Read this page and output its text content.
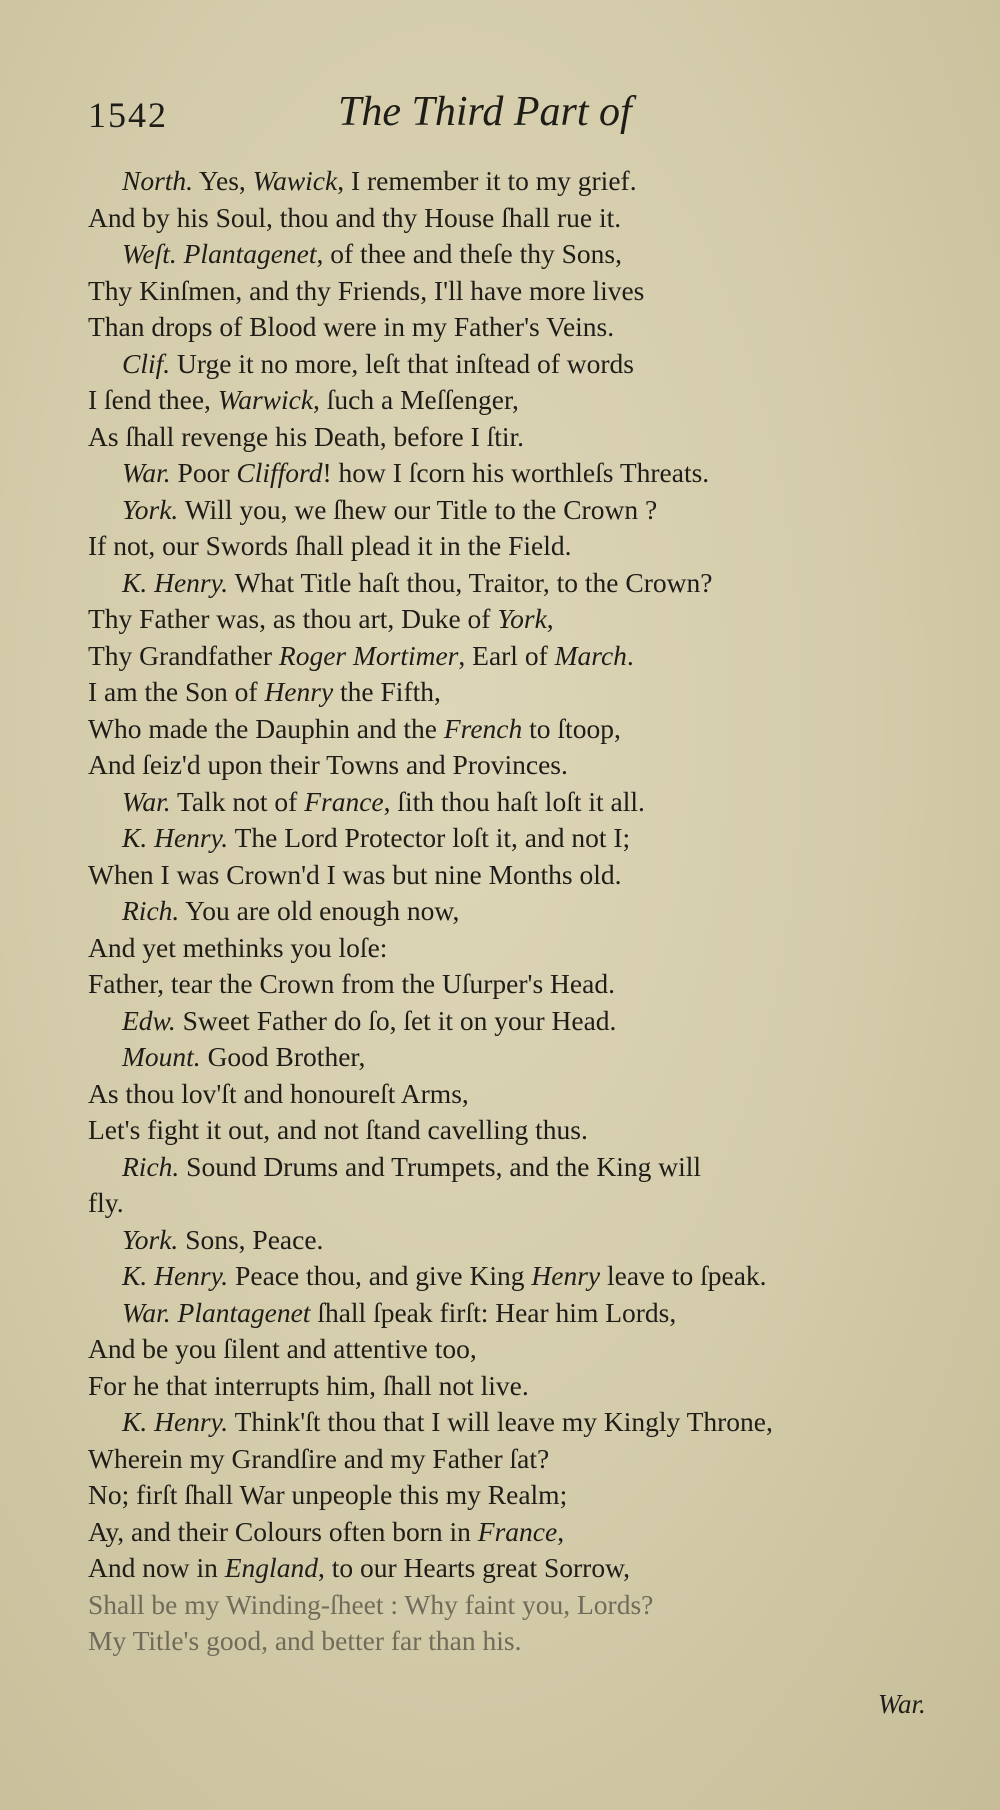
1542	The Third Part of
North. Yes, Wawick, I remember it to my grief.
And by his Soul, thou and thy House ſhall rue it.
Weſt. Plantagenet, of thee and theſe thy Sons,
Thy Kinſmen, and thy Friends, I'll have more lives
Than drops of Blood were in my Father's Veins.
Clif. Urge it no more, leſt that inſtead of words
I ſend thee, Warwick, ſuch a Meſſenger,
As ſhall revenge his Death, before I ſtir.
War. Poor Clifford! how I ſcorn his worthleſs Threats.
York. Will you, we ſhew our Title to the Crown ?
If not, our Swords ſhall plead it in the Field.
K. Henry. What Title haſt thou, Traitor, to the Crown?
Thy Father was, as thou art, Duke of York,
Thy Grandfather Roger Mortimer, Earl of March.
I am the Son of Henry the Fifth,
Who made the Dauphin and the French to ſtoop,
And ſeiz'd upon their Towns and Provinces.
War. Talk not of France, ſith thou haſt loſt it all.
K. Henry. The Lord Protector loſt it, and not I;
When I was Crown'd I was but nine Months old.
Rich. You are old enough now,
And yet methinks you loſe:
Father, tear the Crown from the Uſurper's Head.
Edw. Sweet Father do ſo, ſet it on your Head.
Mount. Good Brother,
As thou lov'ſt and honoureſt Arms,
Let's fight it out, and not ſtand cavelling thus.
Rich. Sound Drums and Trumpets, and the King will
fly.
York. Sons, Peace.
K. Henry. Peace thou, and give King Henry leave to ſpeak.
War. Plantagenet ſhall ſpeak firſt: Hear him Lords,
And be you ſilent and attentive too,
For he that interrupts him, ſhall not live.
K. Henry. Think'ſt thou that I will leave my Kingly Throne,
Wherein my Grandſire and my Father ſat?
No; firſt ſhall War unpeople this my Realm;
Ay, and their Colours often born in France,
And now in England, to our Hearts great Sorrow,
Shall be my Winding-ſheet : Why faint you, Lords?
My Title's good, and better far than his.
War.
